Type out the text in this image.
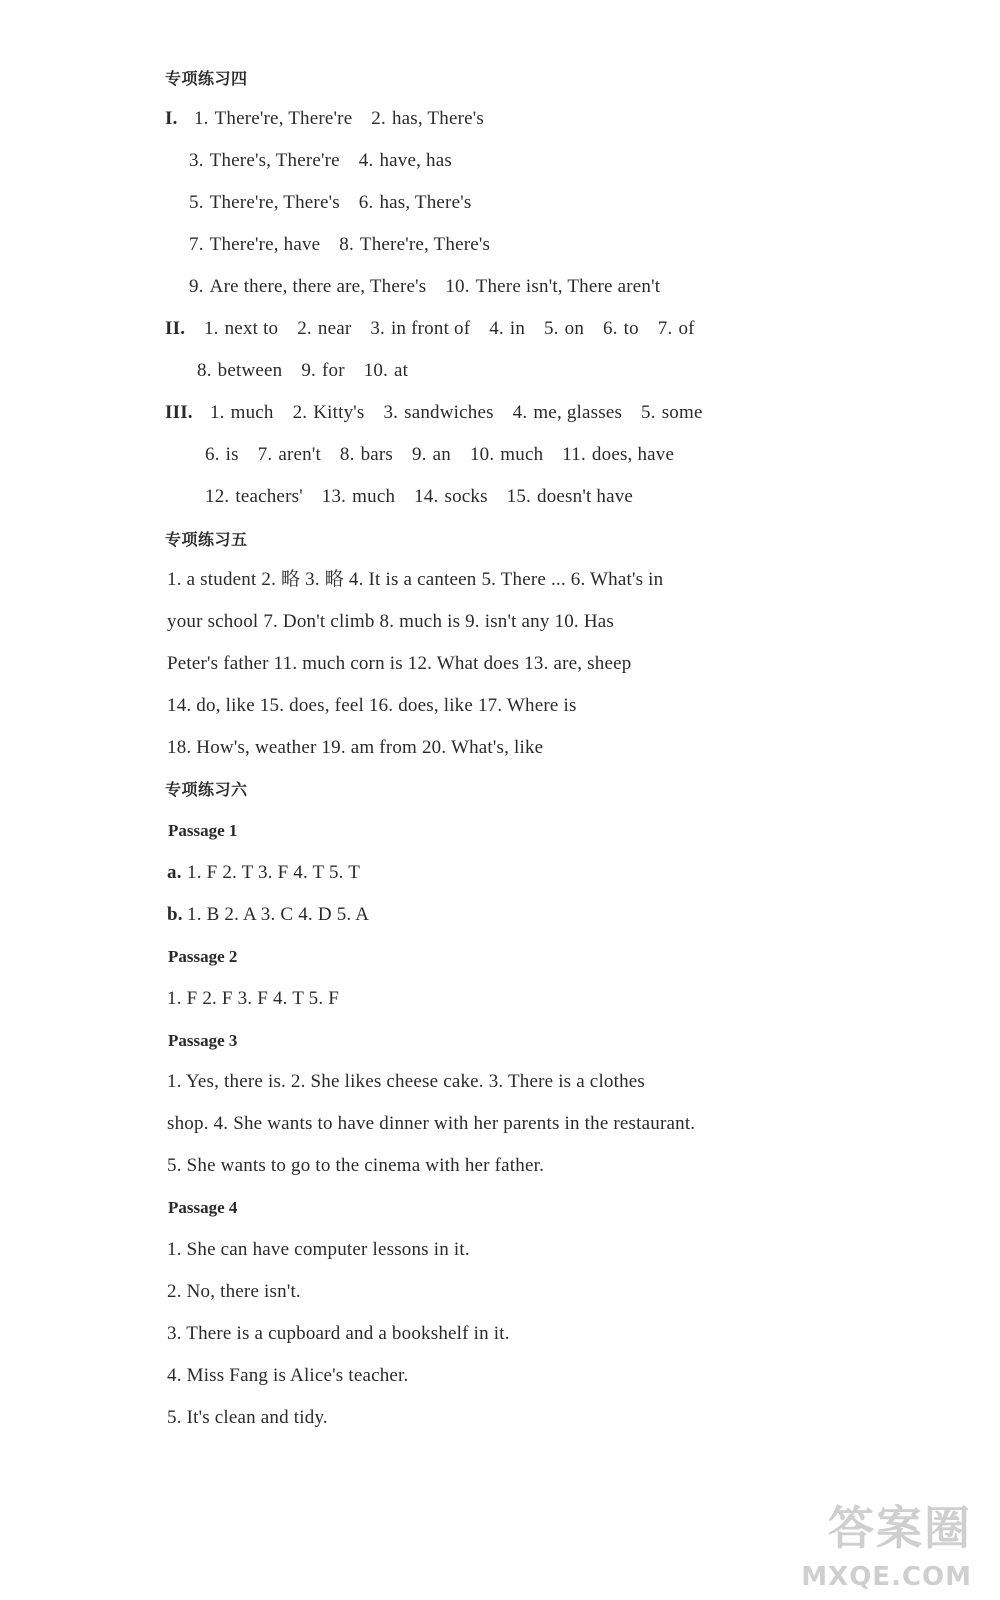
专项练习四
I. 1. There're, There're 2. has, There's
3. There's, There're 4. have, has
5. There're, There's 6. has, There's
7. There're, have 8. There're, There's
9. Are there, there are, There's 10. There isn't, There aren't
II. 1. next to 2. near 3. in front of 4. in 5. on 6. to 7. of
8. between 9. for 10. at
III. 1. much 2. Kitty's 3. sandwiches 4. me, glasses 5. some
6. is 7. aren't 8. bars 9. an 10. much 11. does, have
12. teachers' 13. much 14. socks 15. doesn't have
专项练习五
1. a student 2. 略 3. 略 4. It is a canteen 5. There ... 6. What's in
your school 7. Don't climb 8. much is 9. isn't any 10. Has
Peter's father 11. much corn is 12. What does 13. are, sheep
14. do, like 15. does, feel 16. does, like 17. Where is
18. How's, weather 19. am from 20. What's, like
专项练习六
Passage 1
a. 1. F 2. T 3. F 4. T 5. T
b. 1. B 2. A 3. C 4. D 5. A
Passage 2
1. F 2. F 3. F 4. T 5. F
Passage 3
1. Yes, there is. 2. She likes cheese cake. 3. There is a clothes
shop. 4. She wants to have dinner with her parents in the restaurant.
5. She wants to go to the cinema with her father.
Passage 4
1. She can have computer lessons in it.
2. No, there isn't.
3. There is a cupboard and a bookshelf in it.
4. Miss Fang is Alice's teacher.
5. It's clean and tidy.
答案圈
MXQE.COM
